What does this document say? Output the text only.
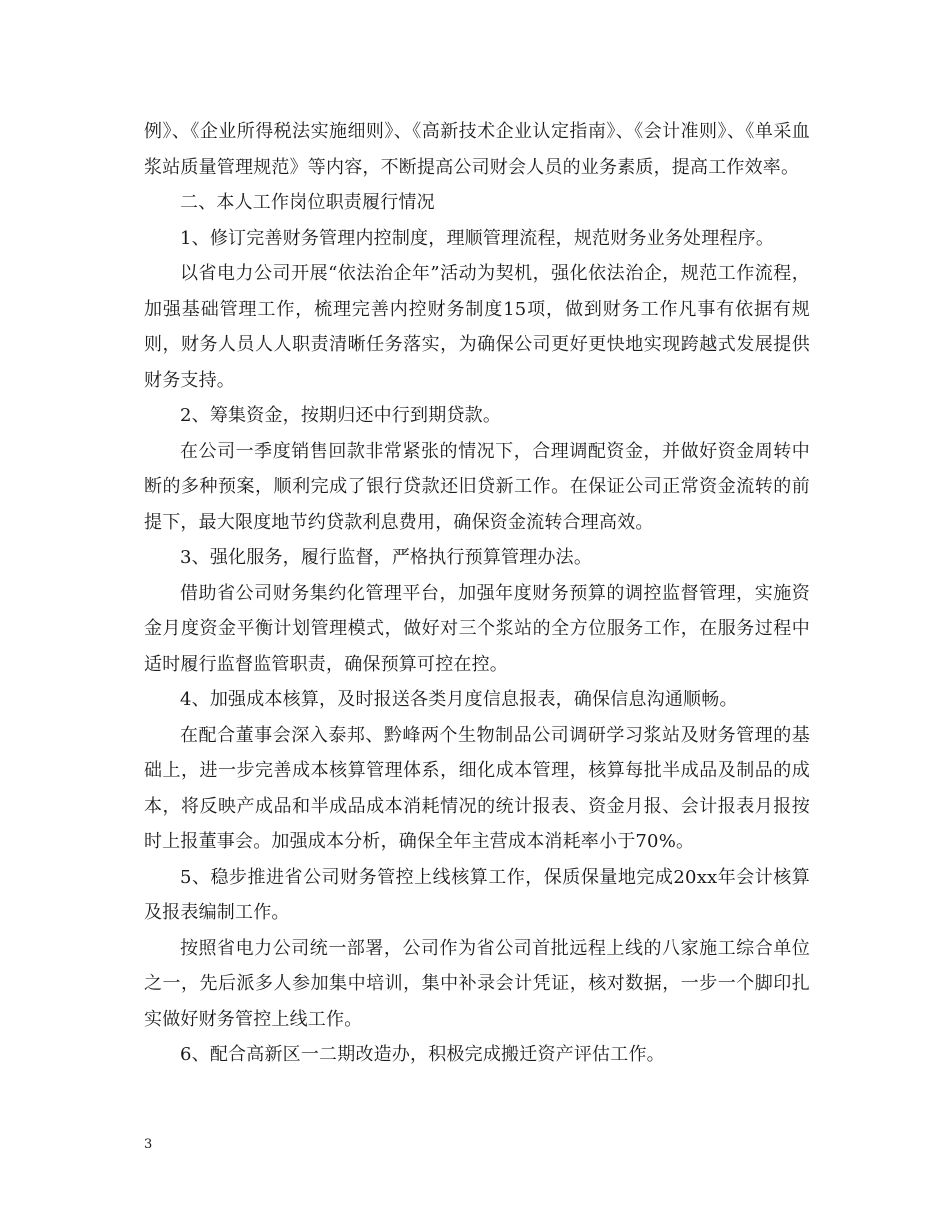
例》、《企业所得税法实施细则》、《高新技术企业认定指南》、《会计准则》、《单采血浆站质量管理规范》等内容，不断提高公司财会人员的业务素质，提高工作效率。

二、本人工作岗位职责履行情况

1、修订完善财务管理内控制度，理顺管理流程，规范财务业务处理程序。

以省电力公司开展“依法治企年”活动为契机，强化依法治企，规范工作流程，加强基础管理工作，梳理完善内控财务制度15项，做到财务工作凡事有依据有规则，财务人员人人职责清晰任务落实，为确保公司更好更快地实现跨越式发展提供财务支持。

2、筹集资金，按期归还中行到期贷款。

在公司一季度销售回款非常紧张的情况下，合理调配资金，并做好资金周转中断的多种预案，顺利完成了银行贷款还旧贷新工作。在保证公司正常资金流转的前提下，最大限度地节约贷款利息费用，确保资金流转合理高效。

3、强化服务，履行监督，严格执行预算管理办法。

借助省公司财务集约化管理平台，加强年度财务预算的调控监督管理，实施资金月度资金平衡计划管理模式，做好对三个浆站的全方位服务工作，在服务过程中适时履行监督监管职责，确保预算可控在控。

4、加强成本核算，及时报送各类月度信息报表，确保信息沟通顺畅。

在配合董事会深入泰邦、黔峰两个生物制品公司调研学习浆站及财务管理的基础上，进一步完善成本核算管理体系，细化成本管理，核算每批半成品及制品的成本，将反映产成品和半成品成本消耗情况的统计报表、资金月报、会计报表月报按时上报董事会。加强成本分析，确保全年主营成本消耗率小于70%。

5、稳步推进省公司财务管控上线核算工作，保质保量地完成20xx年会计核算及报表编制工作。

按照省电力公司统一部署，公司作为省公司首批远程上线的八家施工综合单位之一，先后派多人参加集中培训，集中补录会计凭证，核对数据，一步一个脚印扎实做好财务管控上线工作。

6、配合高新区一二期改造办，积极完成搬迁资产评估工作。

3
